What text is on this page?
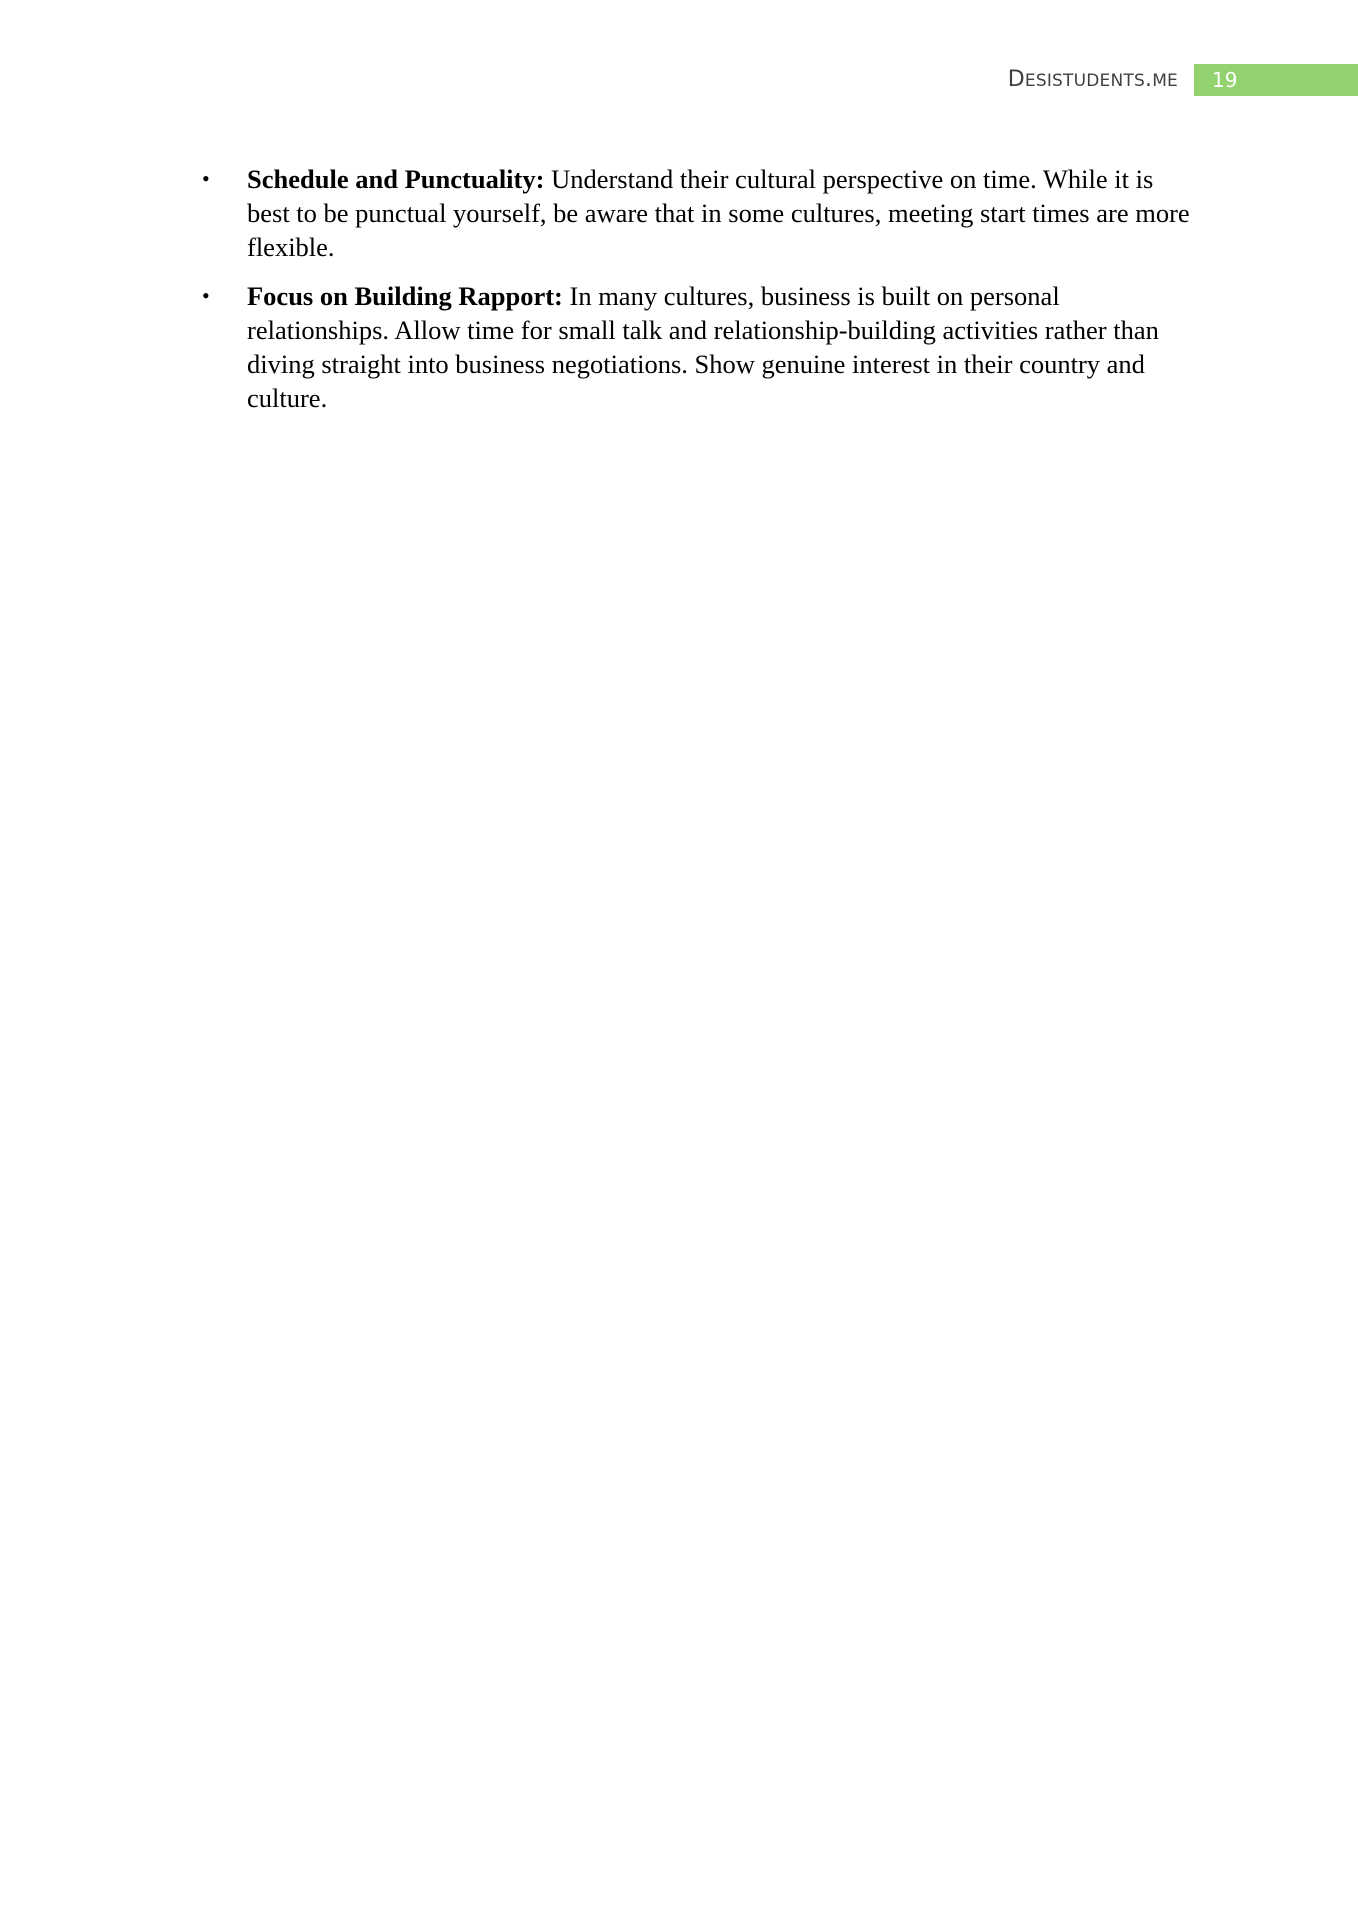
DESISTUDENTS.ME	19
• Schedule and Punctuality: Understand their cultural perspective on time. While it is best to be punctual yourself, be aware that in some cultures, meeting start times are more flexible.
• Focus on Building Rapport: In many cultures, business is built on personal relationships. Allow time for small talk and relationship-building activities rather than diving straight into business negotiations. Show genuine interest in their country and culture.
